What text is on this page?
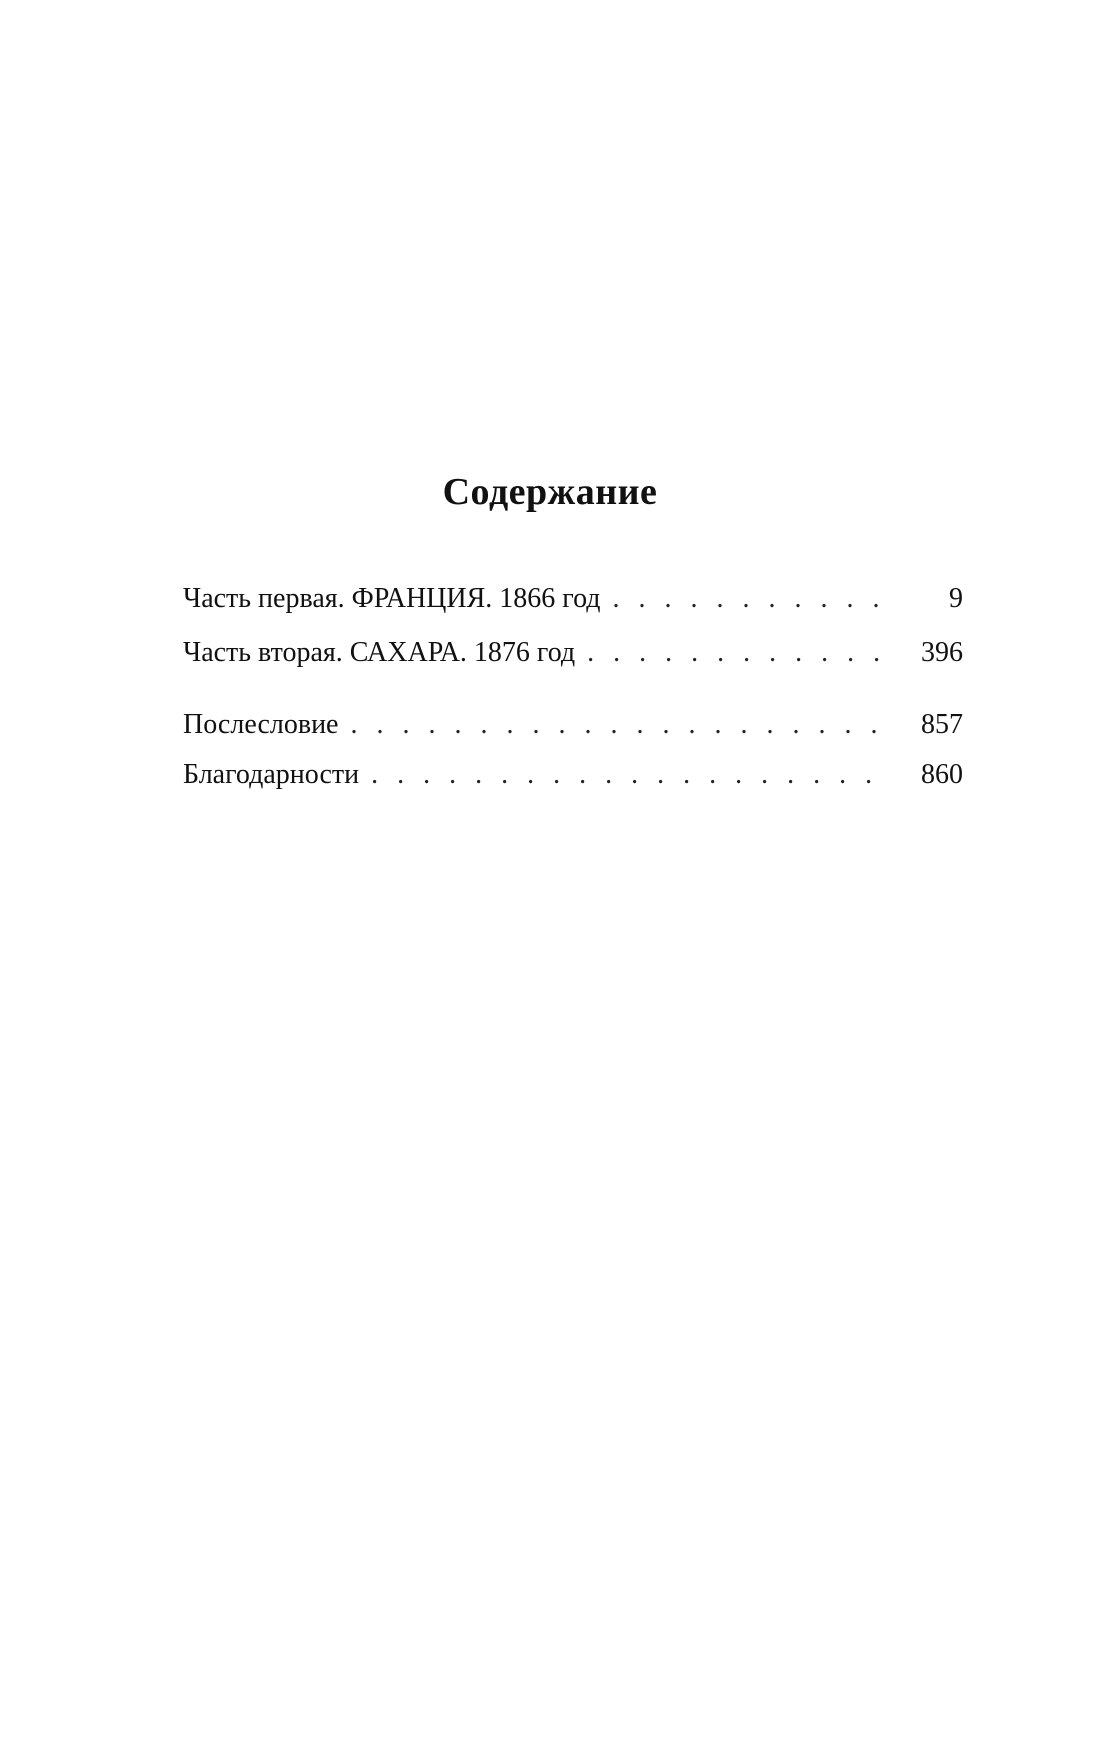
Содержание
Часть первая. ФРАНЦИЯ. 1866 год . . .	9
Часть вторая. САХАРА. 1876 год . . .	396
Послесловие . . .	857
Благодарности . . .	860
